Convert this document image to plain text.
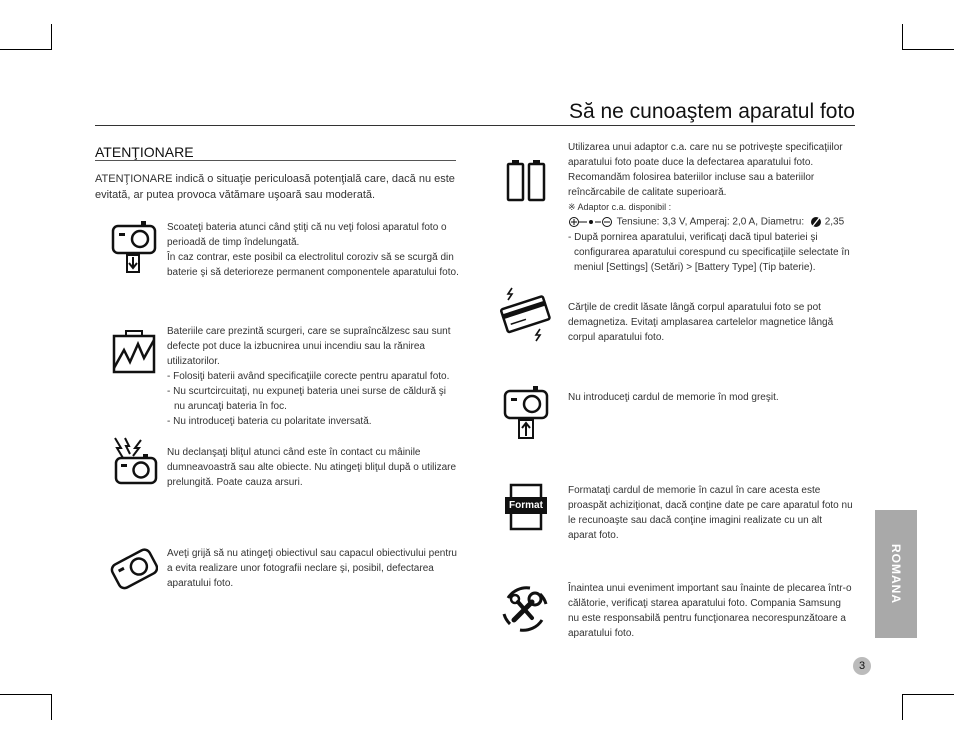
Să ne cunoaştem aparatul foto
ATENŢIONARE
ATENŢIONARE indică o situaţie periculoasă potenţială care, dacă nu este evitată, ar putea provoca vătămare uşoară sau moderată.

Scoateţi bateria atunci când ştiţi că nu veţi folosi aparatul foto o perioadă de timp îndelungată.

În caz contrar, este posibil ca electrolitul coroziv să se scurgă din baterie şi să deterioreze permanent componentele aparatului foto.

Bateriile care prezintă scurgeri, care se supraîncălzesc sau sunt defecte pot duce la izbucnirea unui incendiu sau la rănirea utilizatorilor.

- Folosiţi baterii având specificaţiile corecte pentru aparatul foto.

- Nu scurtcircuitaţi, nu expuneţi bateria unei surse de căldură şi nu aruncaţi bateria în foc.

- Nu introduceţi bateria cu polaritate inversată.

Nu declanşaţi bliţul atunci când este în contact cu mâinile dumneavoastră sau alte obiecte. Nu atingeţi bliţul după o utilizare prelungită. Poate cauza arsuri.

Aveţi grijă să nu atingeţi obiectivul sau capacul obiectivului pentru a evita realizare unor fotografii neclare şi, posibil, defectarea aparatului foto.

Utilizarea unui adaptor c.a. care nu se potriveşte specificaţiilor aparatului foto poate duce la defectarea aparatului foto. Recomandăm folosirea bateriilor incluse sau a bateriilor reîncărcabile de calitate superioară.

※ Adaptor c.a. disponibil :

Tensiune: 3,3 V, Amperaj: 2,0 A, Diametru: 2,35

- După pornirea aparatului, verificaţi dacă tipul bateriei şi configurarea aparatului corespund cu specificaţiile selectate în meniul [Settings] (Setări) > [Battery Type] (Tip baterie).

Cărţile de credit lăsate lângă corpul aparatului foto se pot demagnetiza. Evitaţi amplasarea cartelelor magnetice lângă corpul aparatului foto.

Nu introduceţi cardul de memorie în mod greşit.

Format

Formataţi cardul de memorie în cazul în care acesta este proaspăt achiziţionat, dacă conţine date pe care aparatul foto nu le recunoaşte sau dacă conţine imagini realizate cu un alt aparat foto.

Înaintea unui eveniment important sau înainte de plecarea într-o călătorie, verificaţi starea aparatului foto. Compania Samsung nu este responsabilă pentru funcţionarea necorespunzătoare a aparatului foto.

ROMANA
3
